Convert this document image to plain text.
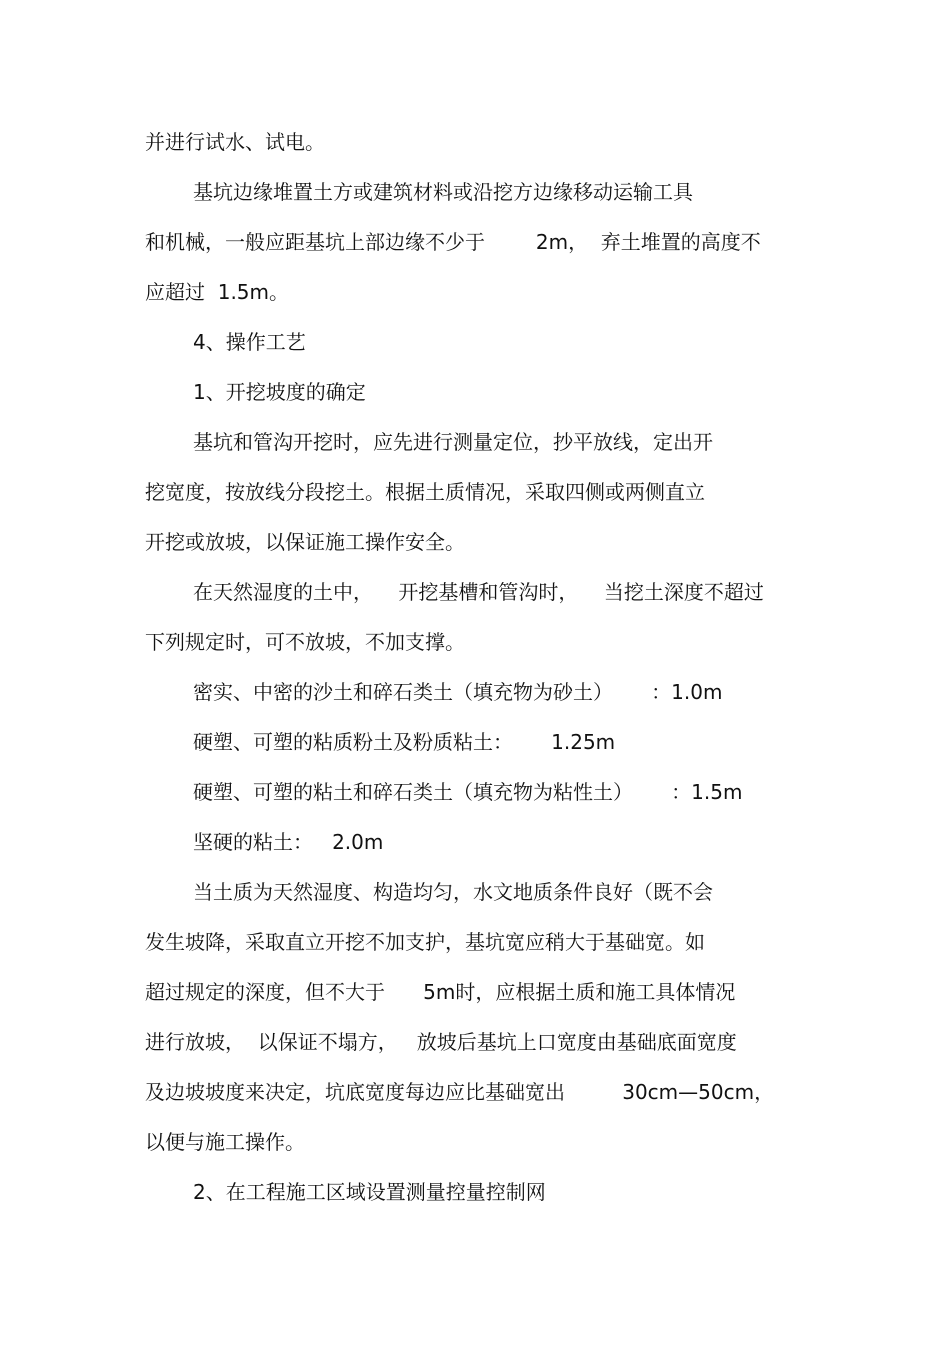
并进行试水、试电。
基坑边缘堆置土方或建筑材料或沿挖方边缘移动运输工具
和机械，一般应距基坑上部边缘不少于        2m，  弃土堆置的高度不
应超过  1.5m。
4、操作工艺
1、开挖坡度的确定
基坑和管沟开挖时，应先进行测量定位，抄平放线，定出开
挖宽度，按放线分段挖土。根据土质情况，采取四侧或两侧直立
开挖或放坡，以保证施工操作安全。
在天然湿度的土中，    开挖基槽和管沟时，    当挖土深度不超过
下列规定时，可不放坡，不加支撑。
密实、中密的沙土和碎石类土（填充物为砂土）      ：1.0m
硬塑、可塑的粘质粉土及粉质粘土：      1.25m
硬塑、可塑的粘土和碎石类土（填充物为粘性土）      ：1.5m
坚硬的粘土：   2.0m
当土质为天然湿度、构造均匀，水文地质条件良好（既不会
发生坡降，采取直立开挖不加支护，基坑宽应稍大于基础宽。如
超过规定的深度，但不大于      5m时，应根据土质和施工具体情况
进行放坡，  以保证不塌方，   放坡后基坑上口宽度由基础底面宽度
及边坡坡度来决定，坑底宽度每边应比基础宽出         30cm—50cm，
以便与施工操作。
2、在工程施工区域设置测量控量控制网
